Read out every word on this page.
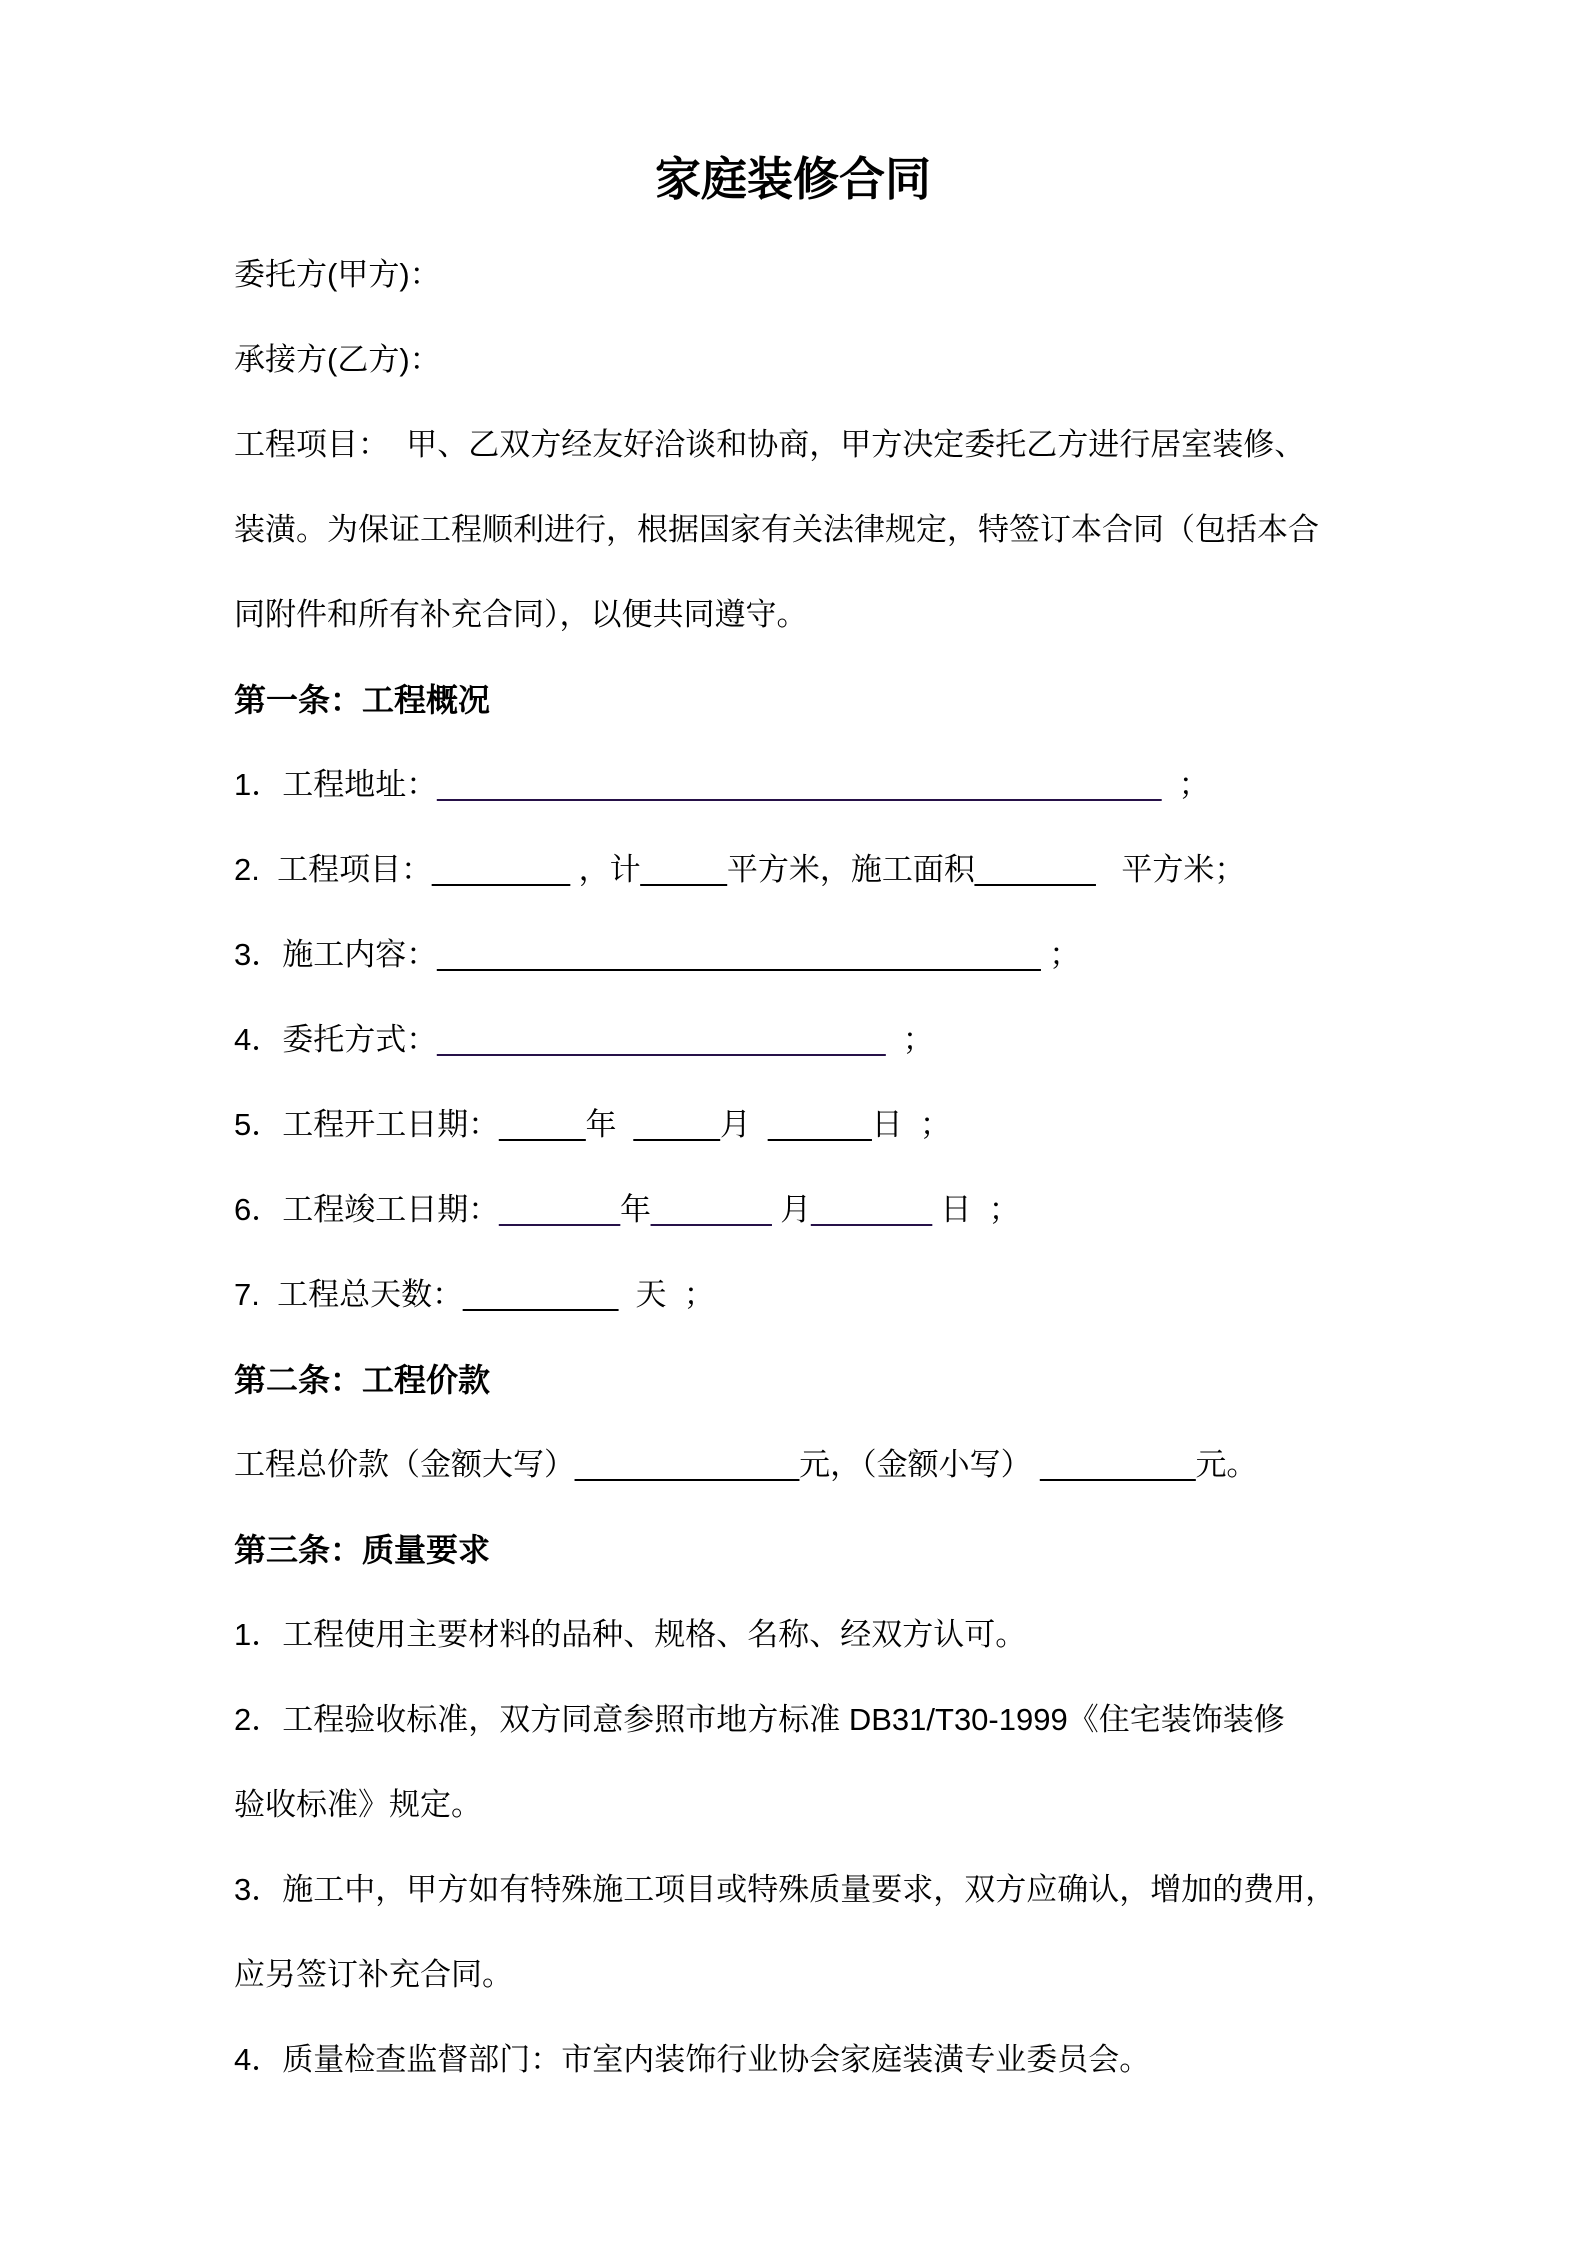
家庭装修合同
委托方(甲方)：
承接方(乙方)：
工程项目：  甲、乙双方经友好洽谈和协商，甲方决定委托乙方进行居室装修、
装潢。为保证工程顺利进行，根据国家有关法律规定，特签订本合同（包括本合
同附件和所有补充合同），以便共同遵守。
第一条：工程概况
1．工程地址：__________________________________________  ；
2.  工程项目：________ ，计_____平方米，施工面积_______   平方米；
3．施工内容：___________________________________ ；
4．委托方式：__________________________  ；
5．工程开工日期：_____年  _____月  ______日  ；
6．工程竣工日期：_______年_______ 月_______ 日  ；
7.  工程总天数：_________  天  ；
第二条：工程价款
工程总价款（金额大写）_____________元，（金额小写） _________元。
第三条：质量要求
1．工程使用主要材料的品种、规格、名称、经双方认可。
2．工程验收标准，双方同意参照市地方标准 DB31/T30-1999《住宅装饰装修
验收标准》规定。
3．施工中，甲方如有特殊施工项目或特殊质量要求，双方应确认，增加的费用，
应另签订补充合同。
4．质量检查监督部门：市室内装饰行业协会家庭装潢专业委员会。
